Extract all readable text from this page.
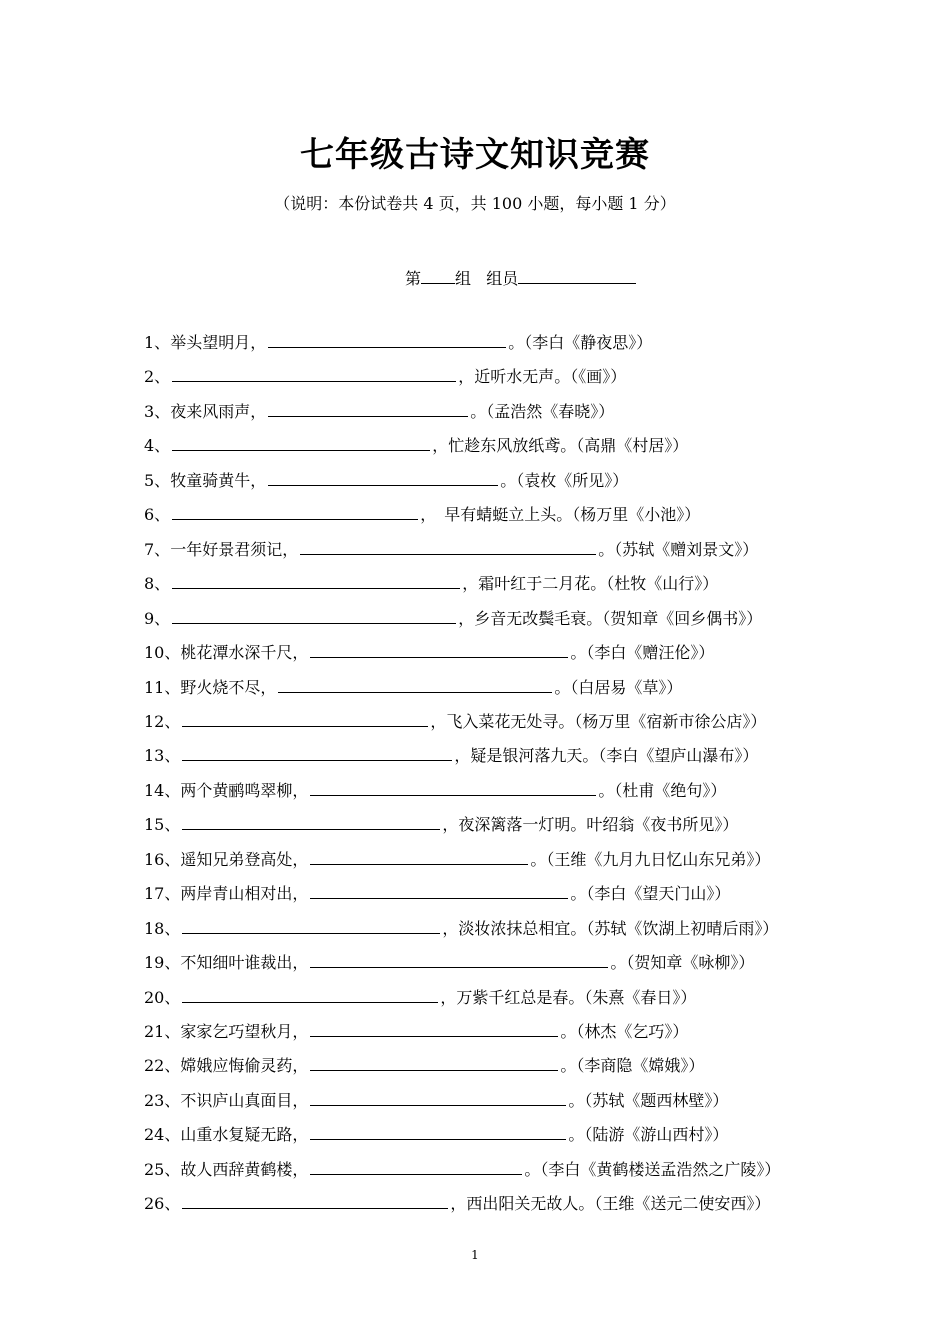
七年级古诗文知识竞赛
（说明：本份试卷共 4 页，共 100 小题，每小题 1 分）
第 组 组员
1、举头望明月，	。（李白《静夜思》）
2、	，近听水无声。（《画》）
3、夜来风雨声，	。（孟浩然《春晓》）
4、	，忙趁东风放纸鸢。（高鼎《村居》）
5、牧童骑黄牛，	。（袁枚《所见》）
6、	，　早有蜻蜓立上头。（杨万里《小池》）
7、一年好景君须记，	。（苏轼《赠刘景文》）
8、	，霜叶红于二月花。（杜牧《山行》）
9、	，乡音无改鬓毛衰。（贺知章《回乡偶书》）
10、桃花潭水深千尺，	。（李白《赠汪伦》）
11、野火烧不尽，	。（白居易《草》）
12、	，飞入菜花无处寻。（杨万里《宿新市徐公店》）
13、	，疑是银河落九天。（李白《望庐山瀑布》）
14、两个黄鹂鸣翠柳，	。（杜甫《绝句》）
15、	，夜深篱落一灯明。叶绍翁《夜书所见》）
16、遥知兄弟登高处，	。（王维《九月九日忆山东兄弟》）
17、两岸青山相对出，	。（李白《望天门山》）
18、	，淡妆浓抹总相宜。（苏轼《饮湖上初晴后雨》）
19、不知细叶谁裁出，	。（贺知章《咏柳》）
20、	，万紫千红总是春。（朱熹《春日》）
21、家家乞巧望秋月，	。（林杰《乞巧》）
22、嫦娥应悔偷灵药，	。（李商隐《嫦娥》）
23、不识庐山真面目，	。（苏轼《题西林壁》）
24、山重水复疑无路，	。（陆游《游山西村》）
25、故人西辞黄鹤楼，	。（李白《黄鹤楼送孟浩然之广陵》）
26、	，西出阳关无故人。（王维《送元二使安西》）
1
